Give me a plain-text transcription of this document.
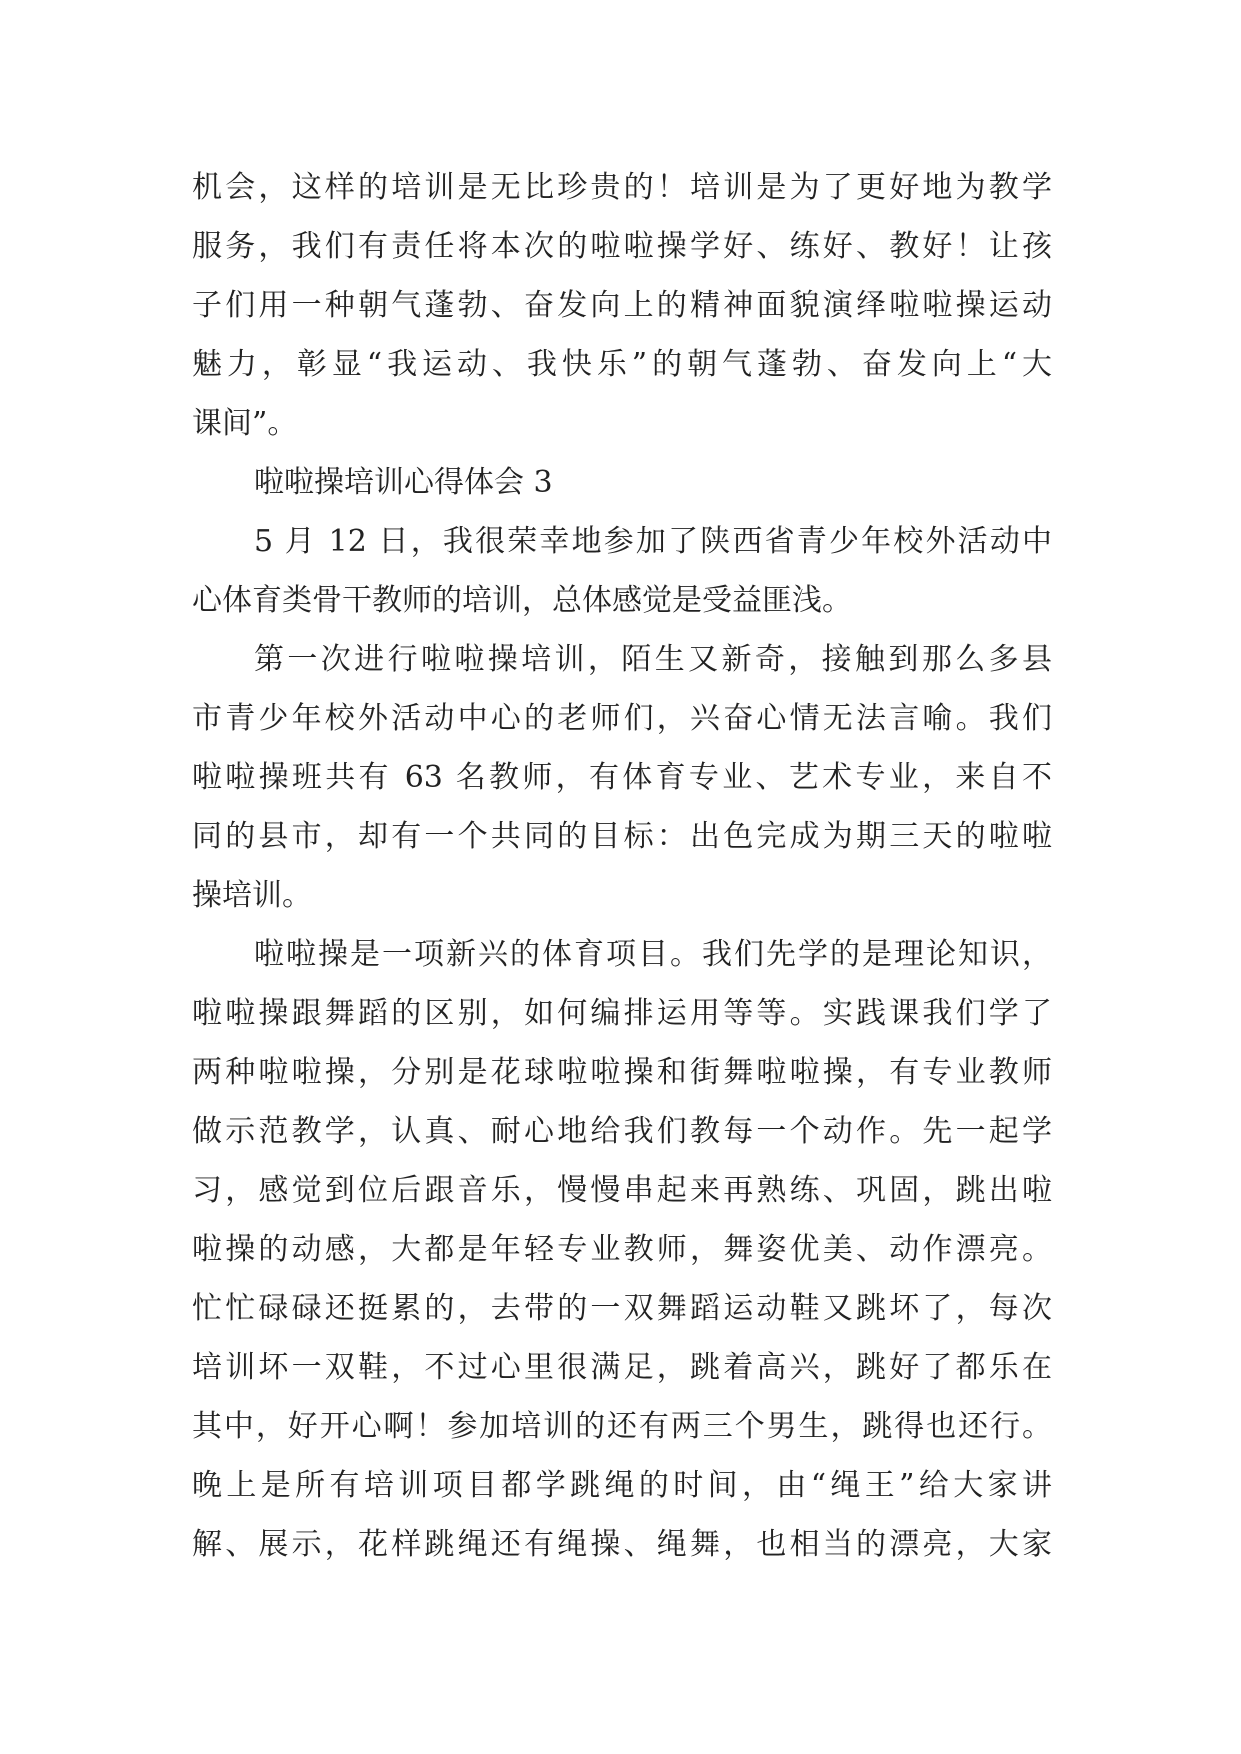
机会，这样的培训是无比珍贵的！培训是为了更好地为教学
服务，我们有责任将本次的啦啦操学好、练好、教好！让孩
子们用一种朝气蓬勃、奋发向上的精神面貌演绎啦啦操运动
魅力，彰显“我运动、我快乐”的朝气蓬勃、奋发向上“大
课间”。

啦啦操培训心得体会 3

5 月 12 日，我很荣幸地参加了陕西省青少年校外活动中
心体育类骨干教师的培训，总体感觉是受益匪浅。

第一次进行啦啦操培训，陌生又新奇，接触到那么多县
市青少年校外活动中心的老师们，兴奋心情无法言喻。我们
啦啦操班共有 63 名教师，有体育专业、艺术专业，来自不
同的县市，却有一个共同的目标：出色完成为期三天的啦啦
操培训。

啦啦操是一项新兴的体育项目。我们先学的是理论知识，
啦啦操跟舞蹈的区别，如何编排运用等等。实践课我们学了
两种啦啦操，分别是花球啦啦操和街舞啦啦操，有专业教师
做示范教学，认真、耐心地给我们教每一个动作。先一起学
习，感觉到位后跟音乐，慢慢串起来再熟练、巩固，跳出啦
啦操的动感，大都是年轻专业教师，舞姿优美、动作漂亮。
忙忙碌碌还挺累的，去带的一双舞蹈运动鞋又跳坏了，每次
培训坏一双鞋，不过心里很满足，跳着高兴，跳好了都乐在
其中，好开心啊！参加培训的还有两三个男生，跳得也还行。
晚上是所有培训项目都学跳绳的时间，由“绳王”给大家讲
解、展示，花样跳绳还有绳操、绳舞，也相当的漂亮，大家
